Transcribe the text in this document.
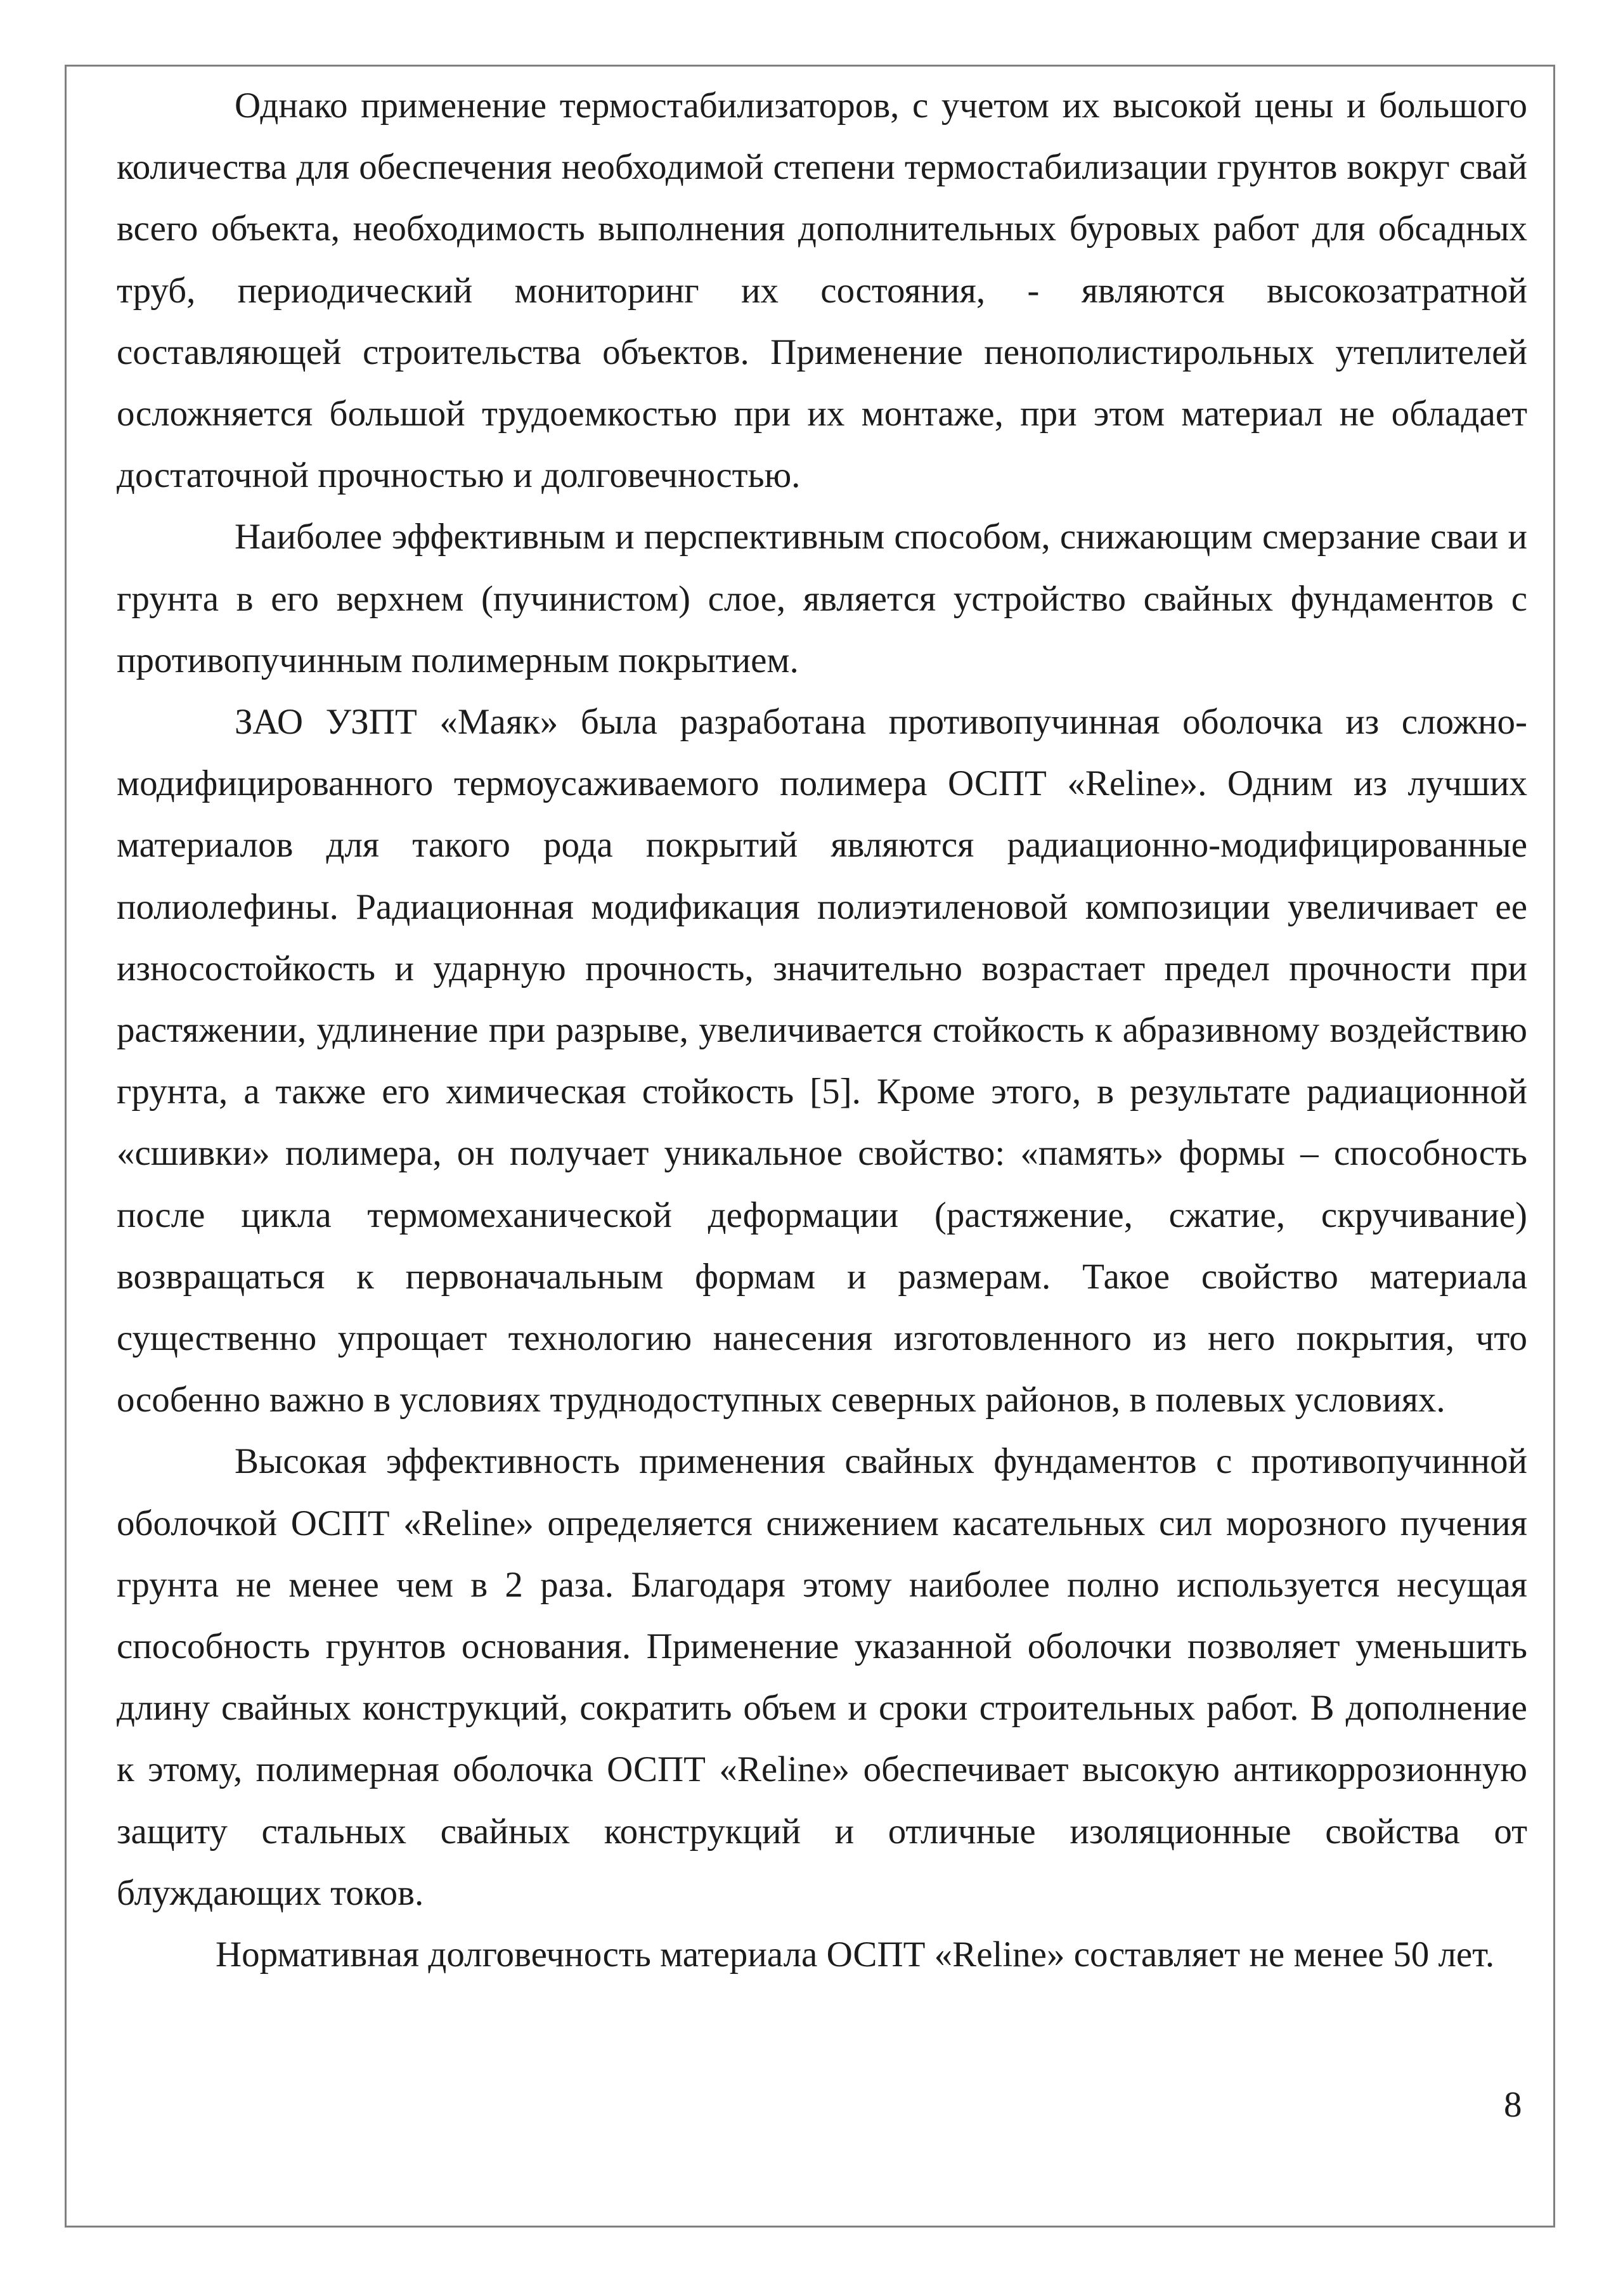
Однако применение термостабилизаторов, с учетом их высокой цены и большого количества для обеспечения необходимой степени термостабилизации грунтов вокруг свай всего объекта, необходимость выполнения дополнительных буровых работ для обсадных труб, периодический мониторинг их состояния, - являются высокозатратной составляющей строительства объектов. Применение пенополистирольных утеплителей осложняется большой трудоемкостью при их монтаже, при этом материал не обладает достаточной прочностью и долговечностью.

Наиболее эффективным и перспективным способом, снижающим смерзание сваи и грунта в его верхнем (пучинистом) слое, является устройство свайных фундаментов с противопучинным полимерным покрытием.

ЗАО УЗПТ «Маяк» была разработана противопучинная оболочка из сложно-модифицированного термоусаживаемого полимера ОСПТ «Reline». Одним из лучших материалов для такого рода покрытий являются радиационно-модифицированные полиолефины. Радиационная модификация полиэтиленовой композиции увеличивает ее износостойкость и ударную прочность, значительно возрастает предел прочности при растяжении, удлинение при разрыве, увеличивается стойкость к абразивному воздействию грунта, а также его химическая стойкость [5]. Кроме этого, в результате радиационной «сшивки» полимера, он получает уникальное свойство: «память» формы – способность после цикла термомеханической деформации (растяжение, сжатие, скручивание) возвращаться к первоначальным формам и размерам. Такое свойство материала существенно упрощает технологию нанесения изготовленного из него покрытия, что особенно важно в условиях труднодоступных северных районов, в полевых условиях.

Высокая эффективность применения свайных фундаментов с противопучинной оболочкой ОСПТ «Reline» определяется снижением касательных сил морозного пучения грунта не менее чем в 2 раза. Благодаря этому наиболее полно используется несущая способность грунтов основания. Применение указанной оболочки позволяет уменьшить длину свайных конструкций, сократить объем и сроки строительных работ. В дополнение к этому, полимерная оболочка ОСПТ «Reline» обеспечивает высокую антикоррозионную защиту стальных свайных конструкций и отличные изоляционные свойства от блуждающих токов.

Нормативная долговечность материала ОСПТ «Reline» составляет не менее 50 лет.

8
